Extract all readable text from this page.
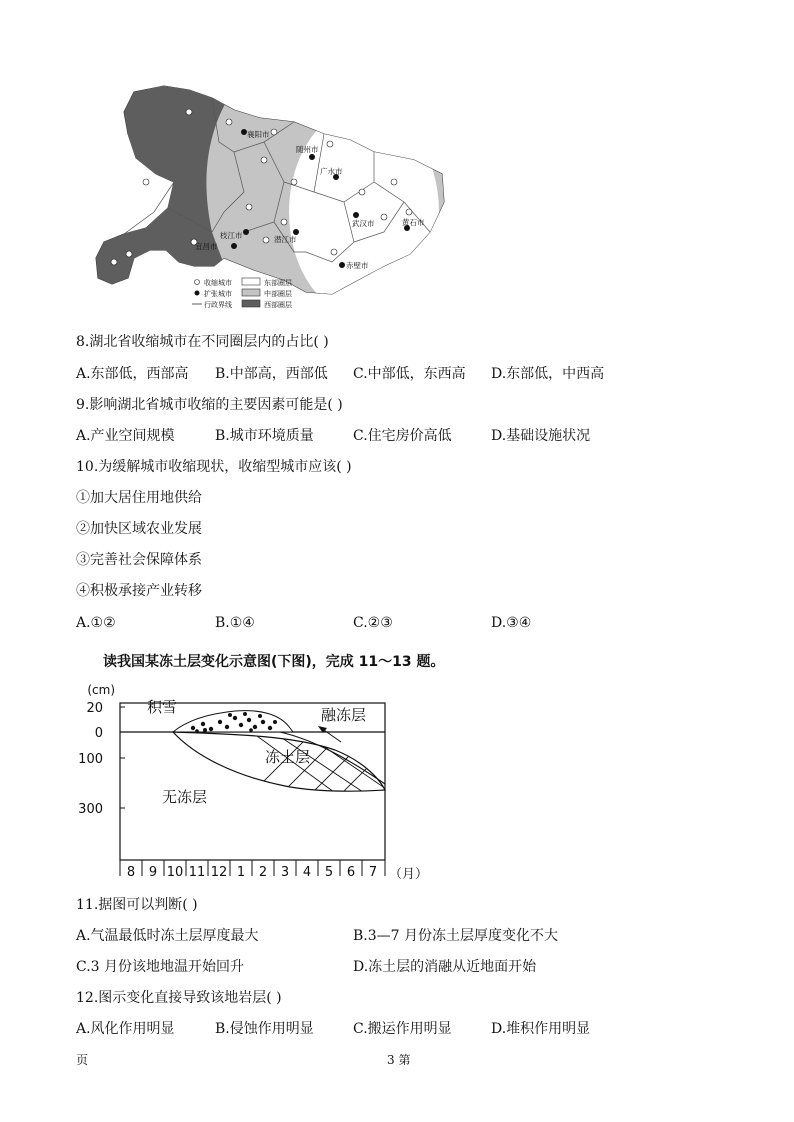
襄阳市
随州市
广水市
枝江市
宜昌市
潜江市
武汉市	黄石市
赤壁市
收缩城市
扩张城市
行政界线
东部圈层
中部圈层
西部圈层
8.湖北省收缩城市在不同圈层内的占比( )
A.东部低，西部高 B.中部高，西部低 C.中部低，东西高 D.东部低，中西高
9.影响湖北省城市收缩的主要因素可能是( )
A.产业空间规模	B.城市环境质量	C.住宅房价高低	D.基础设施状况
10.为缓解城市收缩现状，收缩型城市应该( )
①加大居住用地供给
②加快区域农业发展
③完善社会保障体系
④积极承接产业转移
A.①②	B.①④	C.②③	D.③④
读我国某冻土层变化示意图(下图)，完成 11～13 题。
(cm)
20
0
100
300
8 9 10 11 12 1 2 3 4 5 6 7 （月）
积雪	融冻层
冻土层
无冻层
11.据图可以判断( )
A.气温最低时冻土层厚度最大	B.3—7 月份冻土层厚度变化不大
C.3 月份该地地温开始回升	D.冻土层的消融从近地面开始
12.图示变化直接导致该地岩层( )
A.风化作用明显	B.侵蚀作用明显	C.搬运作用明显	D.堆积作用明显
页	3 第
